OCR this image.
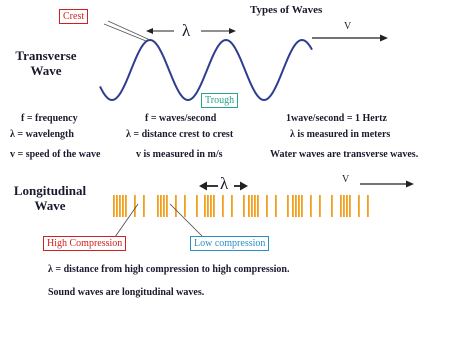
Types of Waves
Transverse
Wave
Crest
Trough
λ	V
f = frequency	f = waves/second	1wave/second = 1 Hertz
λ = wavelength	λ = distance crest to crest	λ is measured in meters
v = speed of the wave	v is measured in m/s	Water waves are transverse waves.
Longitudinal
Wave
λ	V
High Compression	Low compression
λ = distance from high compression to high compression.
Sound waves are longitudinal waves.
